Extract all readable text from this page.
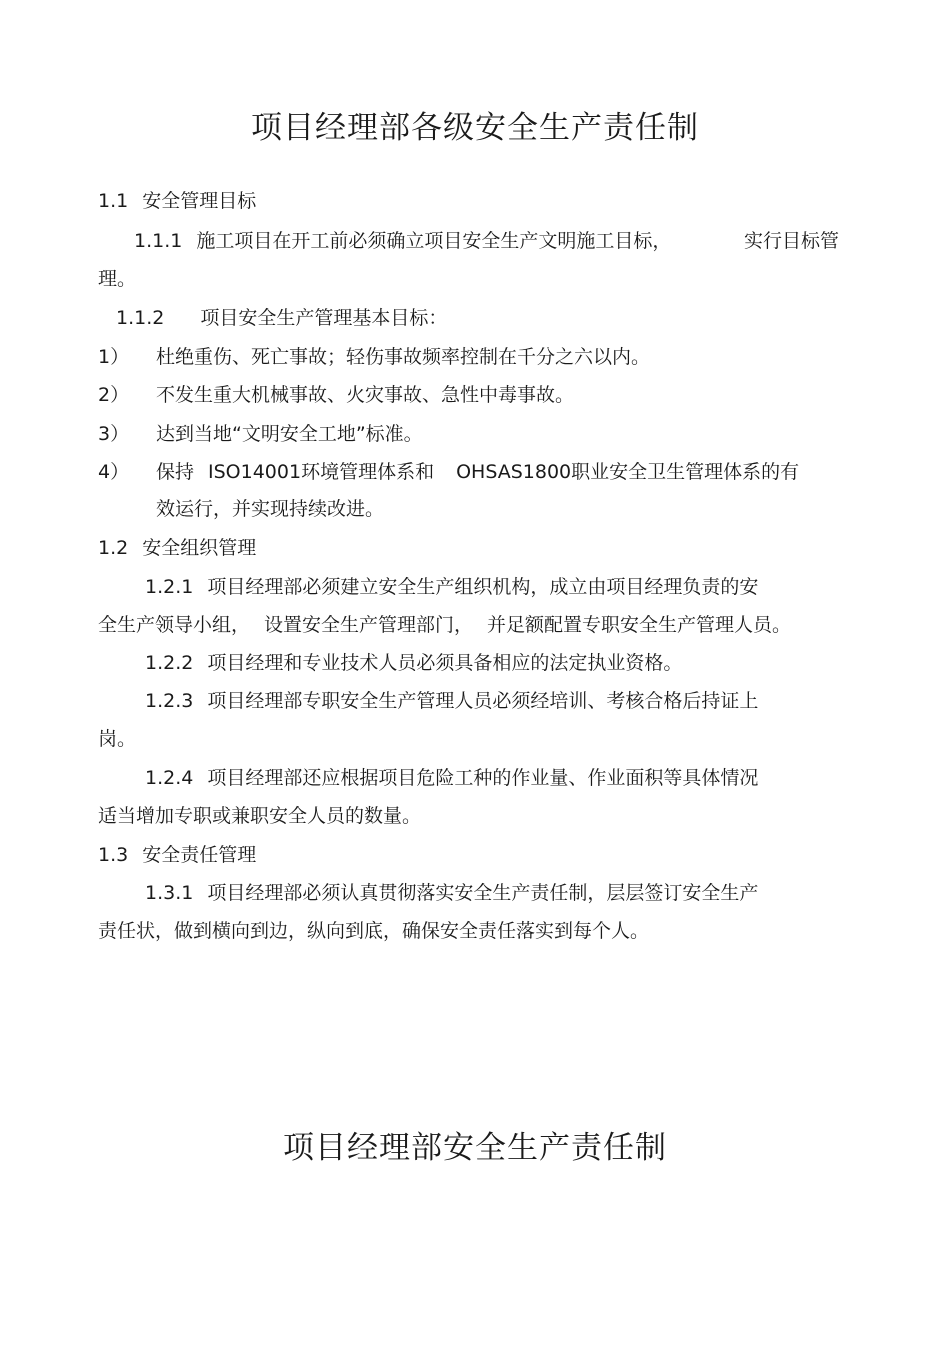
项目经理部各级安全生产责任制
1.1 安全管理目标
1.1.1 施工项目在开工前必须确立项目安全生产文明施工目标，	实行目标管
理。
1.1.2 项目安全生产管理基本目标：
1） 杜绝重伤、死亡事故；轻伤事故频率控制在千分之六以内。
2） 不发生重大机械事故、火灾事故、急性中毒事故。
3） 达到当地“文明安全工地”标准。
4） 保持 ISO14001环境管理体系和 OHSAS1800职业安全卫生管理体系的有
效运行，并实现持续改进。
1.2 安全组织管理
1.2.1 项目经理部必须建立安全生产组织机构，成立由项目经理负责的安
全生产领导小组， 设置安全生产管理部门， 并足额配置专职安全生产管理人员。
1.2.2 项目经理和专业技术人员必须具备相应的法定执业资格。
1.2.3 项目经理部专职安全生产管理人员必须经培训、考核合格后持证上
岗。
1.2.4 项目经理部还应根据项目危险工种的作业量、作业面积等具体情况
适当增加专职或兼职安全人员的数量。
1.3 安全责任管理
1.3.1 项目经理部必须认真贯彻落实安全生产责任制，层层签订安全生产
责任状，做到横向到边，纵向到底，确保安全责任落实到每个人。
项目经理部安全生产责任制
